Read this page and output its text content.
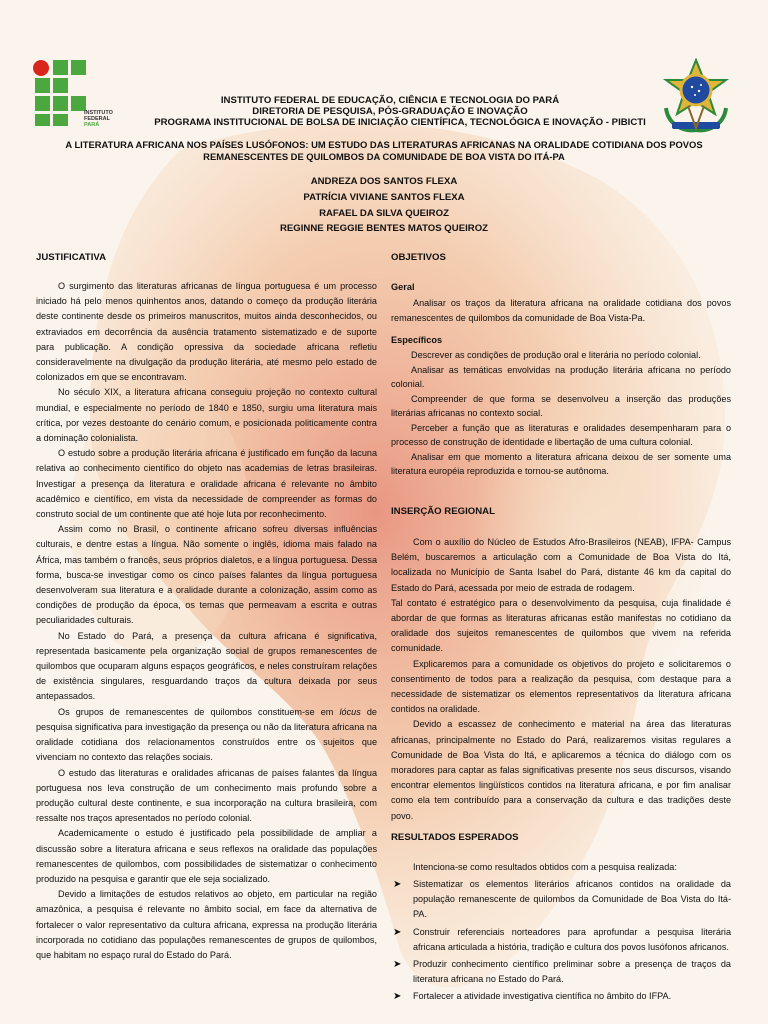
INSTITUTO FEDERAL
PARÁ
INSTITUTO FEDERAL DE EDUCAÇÃO, CIÊNCIA E TECNOLOGIA DO PARÁ
DIRETORIA DE PESQUISA, PÓS-GRADUAÇÃO E INOVAÇÃO
PROGRAMA INSTITUCIONAL DE BOLSA DE INICIAÇÃO CIENTÍFICA, TECNOLÓGICA E INOVAÇÃO - PIBICTI
A LITERATURA AFRICANA NOS PAÍSES LUSÓFONOS: UM ESTUDO DAS LITERATURAS AFRICANAS NA ORALIDADE COTIDIANA DOS POVOS
REMANESCENTES DE QUILOMBOS DA COMUNIDADE DE BOA VISTA DO ITÁ-PA
ANDREZA DOS SANTOS FLEXA
PATRÍCIA VIVIANE SANTOS FLEXA
RAFAEL DA SILVA QUEIROZ
REGINNE REGGIE BENTES MATOS QUEIROZ
JUSTIFICATIVA

O surgimento das literaturas africanas de língua portuguesa é um processo iniciado há pelo menos quinhentos anos, datando o começo da produção literária deste continente desde os primeiros manuscritos, muitos ainda desconhecidos, ou extraviados em decorrência da ausência tratamento sistematizado e de suporte para publicação. A condição opressiva da sociedade africana refletiu consideravelmente na divulgação da produção literária, até mesmo pelo estado de colonizados em que se encontravam.

No século XIX, a literatura africana conseguiu projeção no contexto cultural mundial, e especialmente no período de 1840 e 1850, surgiu uma literatura mais crítica, por vezes destoante do cenário comum, e posicionada politicamente contra a dominação colonialista.

O estudo sobre a produção literária africana é justificado em função da lacuna relativa ao conhecimento científico do objeto nas academias de letras brasileiras. Investigar a presença da literatura e oralidade africana é relevante no âmbito acadêmico e científico, em vista da necessidade de compreender as formas do construto social de um continente que até hoje luta por reconhecimento.

Assim como no Brasil, o continente africano sofreu diversas influências culturais, e dentre estas a língua. Não somente o inglês, idioma mais falado na África, mas também o francês, seus próprios dialetos, e a língua portuguesa. Dessa forma, busca-se investigar como os cinco países falantes da língua portuguesa desenvolveram sua literatura e a oralidade durante a colonização, assim como as condições de produção da época, os temas que permeavam a escrita e outras peculiaridades culturais.

No Estado do Pará, a presença da cultura africana é significativa, representada basicamente pela organização social de grupos remanescentes de quilombos que ocuparam alguns espaços geográficos, e neles construíram relações de existência singulares, resguardando traços da cultura deixada por seus antepassados.

Os grupos de remanescentes de quilombos constituem-se em lócus de pesquisa significativa para investigação da presença ou não da literatura africana na oralidade cotidiana dos relacionamentos construídos entre os sujeitos que vivenciam no contexto das relações sociais.

O estudo das literaturas e oralidades africanas de países falantes da língua portuguesa nos leva construção de um conhecimento mais profundo sobre a produção cultural deste continente, e sua incorporação na cultura brasileira, com ressalte nos traços apresentados no período colonial.

Academicamente o estudo é justificado pela possibilidade de ampliar a discussão sobre a literatura africana e seus reflexos na oralidade das populações remanescentes de quilombos, com possibilidades de sistematizar o conhecimento produzido na pesquisa e garantir que ele seja socializado.

Devido a limitações de estudos relativos ao objeto, em particular na região amazônica, a pesquisa é relevante no âmbito social, em face da alternativa de fortalecer o valor representativo da cultura africana, expressa na produção literária incorporada no cotidiano das populações remanescentes de grupos de quilombos, que habitam no espaço rural do Estado do Pará.

OBJETIVOS
Geral

Analisar os traços da literatura africana na oralidade cotidiana dos povos remanescentes de quilombos da comunidade de Boa Vista-Pa.

Específicos

Descrever as condições de produção oral e literária no período colonial.

Analisar as temáticas envolvidas na produção literária africana no período colonial.

Compreender de que forma se desenvolveu a inserção das produções literárias africanas no contexto social.

Perceber a função que as literaturas e oralidades desempenharam para o processo de construção de identidade e libertação de uma cultura colonial.

Analisar em que momento a literatura africana deixou de ser somente uma literatura européia reproduzida e tornou-se autônoma.

INSERÇÃO REGIONAL

Com o auxílio do Núcleo de Estudos Afro-Brasileiros (NEAB), IFPA- Campus Belém, buscaremos a articulação com a Comunidade de Boa Vista do Itá, localizada no Município de Santa Isabel do Pará, distante 46 km da capital do Estado do Pará, acessada por meio de estrada de rodagem.

Tal contato é estratégico para o desenvolvimento da pesquisa, cuja finalidade é abordar de que formas as literaturas africanas estão manifestas no cotidiano da oralidade dos sujeitos remanescentes de quilombos que vivem na referida comunidade.

Explicaremos para a comunidade os objetivos do projeto e solicitaremos o consentimento de todos para a realização da pesquisa, com destaque para a necessidade de sistematizar os elementos representativos da literatura africana contidos na oralidade.

Devido a escassez de conhecimento e material na área das literaturas africanas, principalmente no Estado do Pará, realizaremos visitas regulares a Comunidade de Boa Vista do Itá, e aplicaremos a técnica do diálogo com os moradores para captar as falas significativas presente nos seus discursos, visando encontrar elementos lingüísticos contidos na literatura africana, e por fim analisar como ela tem contribuído para a conservação da cultura e das tradições deste povo.

RESULTADOS ESPERADOS

Intenciona-se como resultados obtidos com a pesquisa realizada:

➤ Sistematizar os elementos literários africanos contidos na oralidade da população remanescente de quilombos da Comunidade de Boa Vista do Itá-PA.
➤ Construir referenciais norteadores para aprofundar a pesquisa literária africana articulada a história, tradição e cultura dos povos lusófonos africanos.
➤ Produzir conhecimento científico preliminar sobre a presença de traços da literatura africana no Estado do Pará.
➤ Fortalecer a atividade investigativa científica no âmbito do IFPA.
